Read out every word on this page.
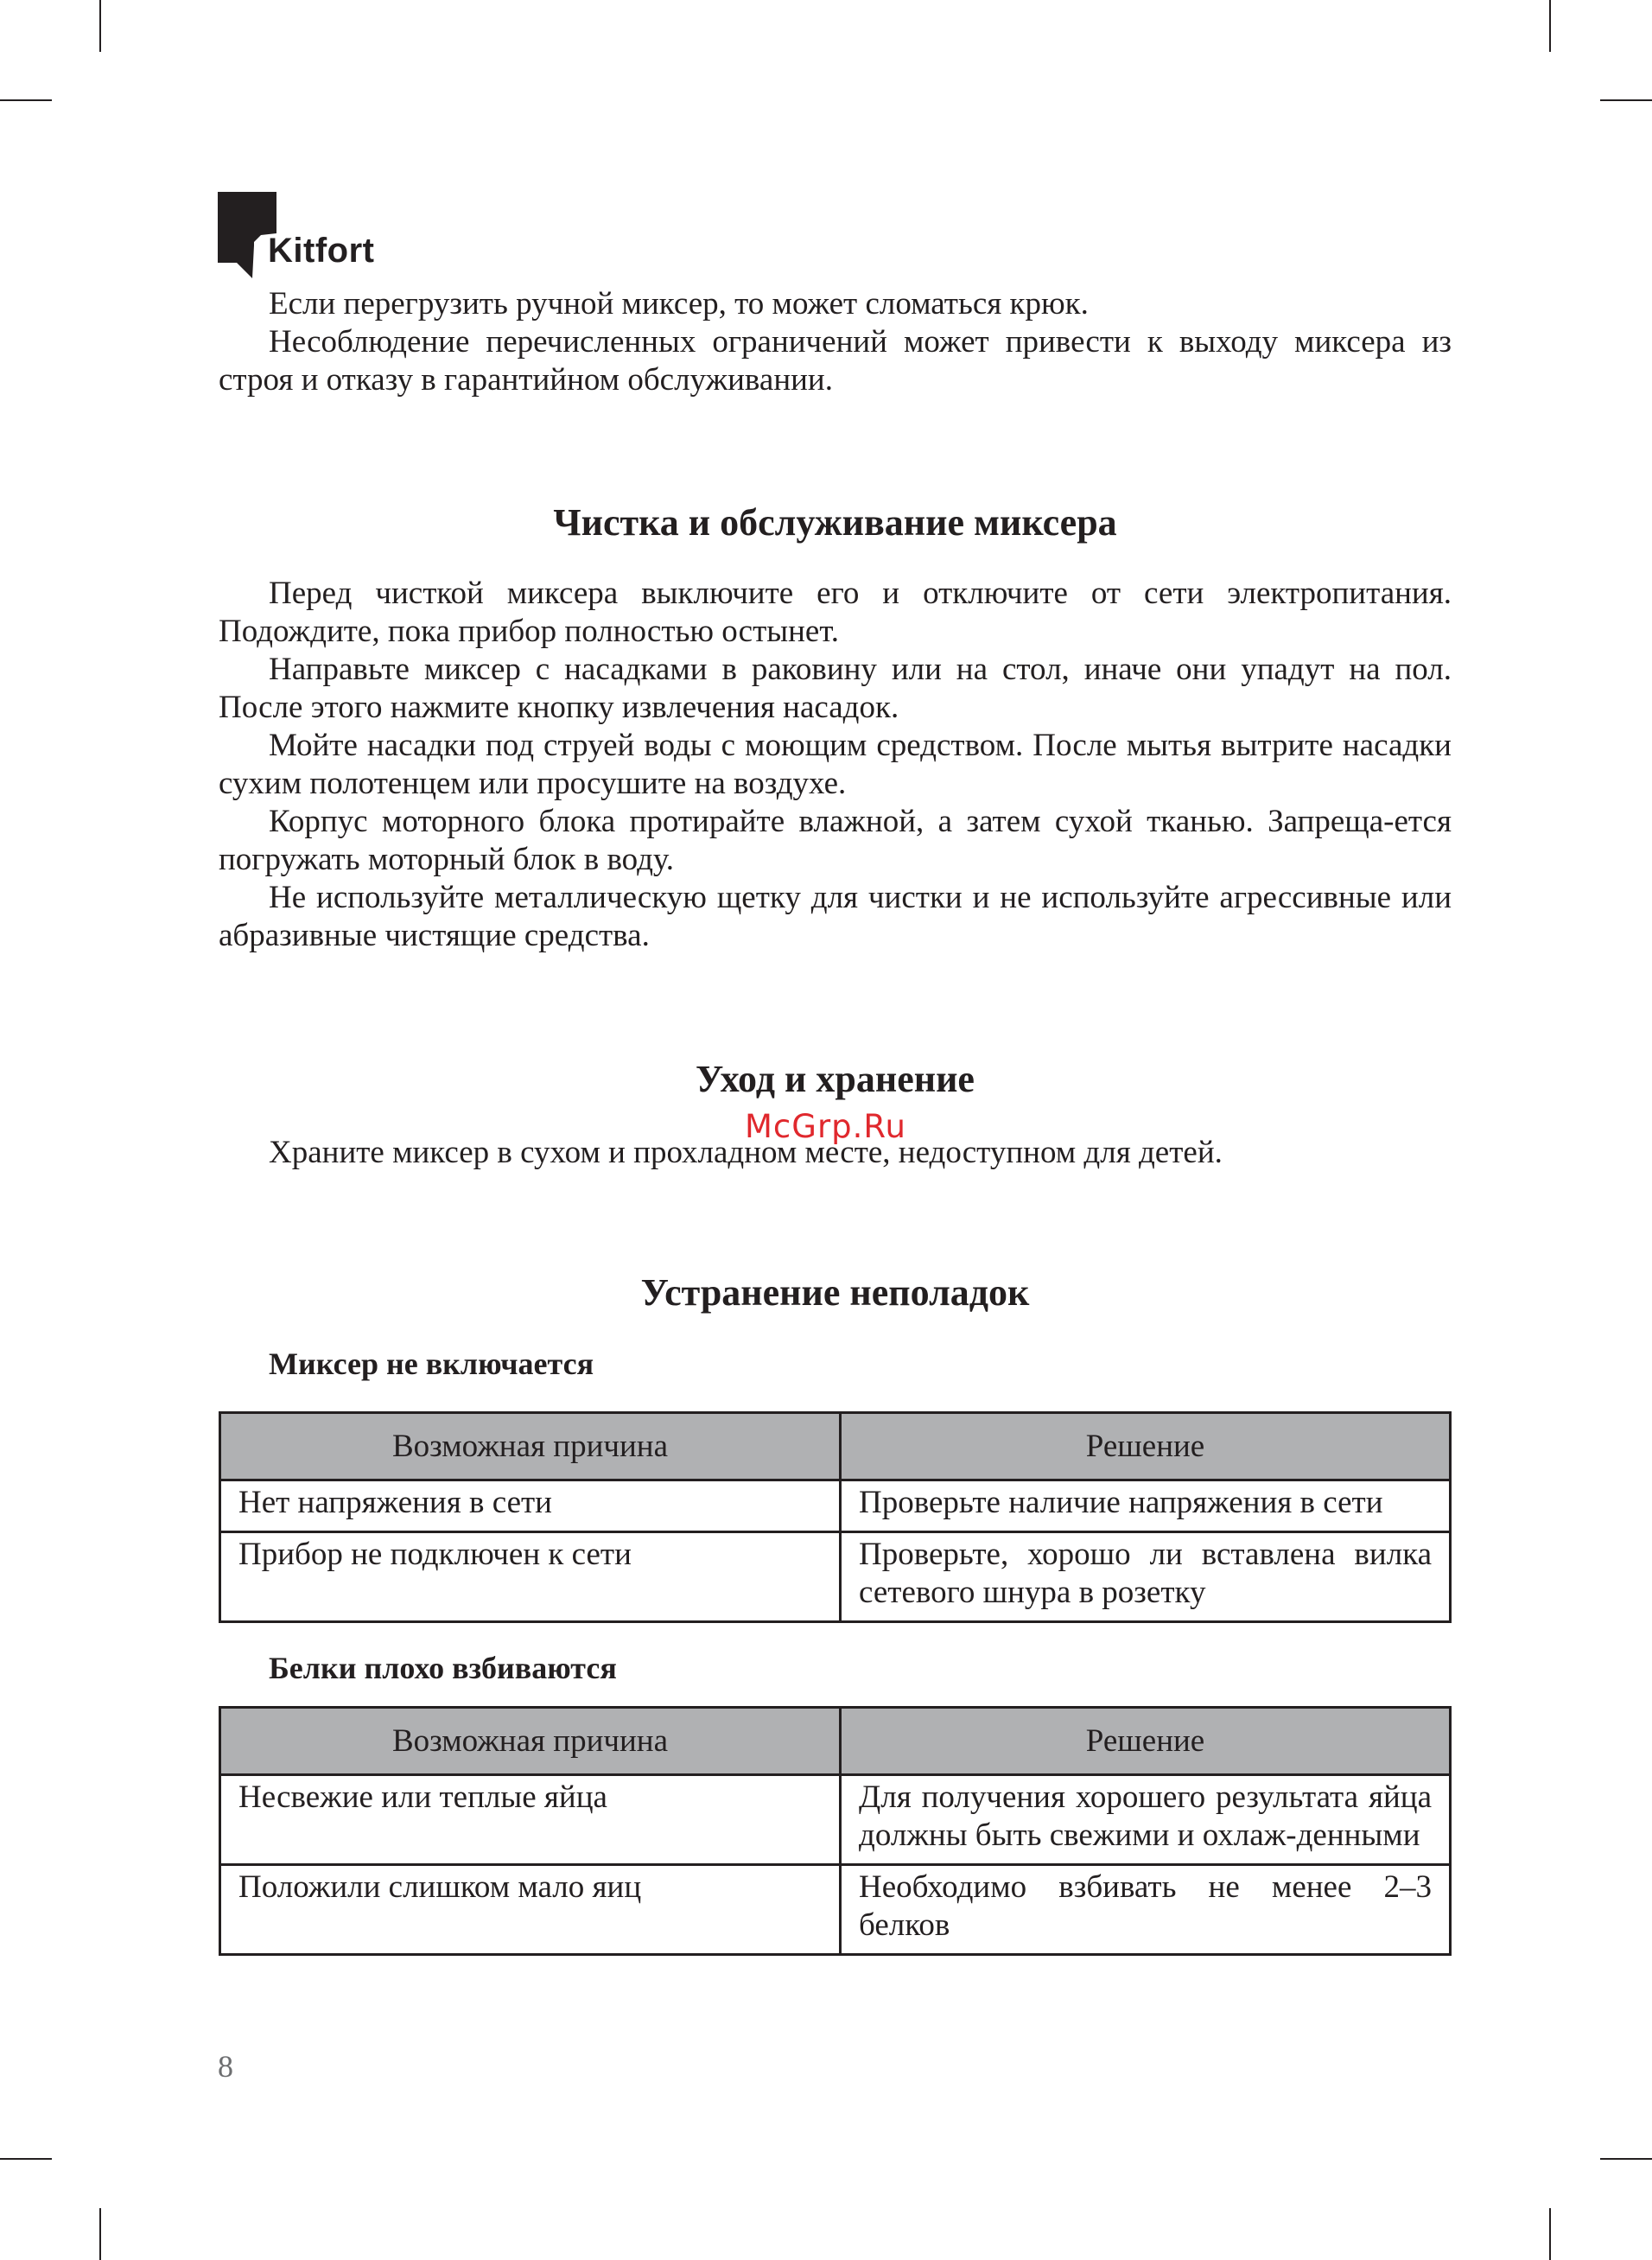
Kitfort

Если перегрузить ручной миксер, то может сломаться крюк.

Несоблюдение перечисленных ограничений может привести к выходу миксера из строя и отказу в гарантийном обслуживании.

Чистка и обслуживание миксера

Перед чисткой миксера выключите его и отключите от сети электропитания. Подождите, пока прибор полностью остынет.

Направьте миксер с насадками в раковину или на стол, иначе они упадут на пол. После этого нажмите кнопку извлечения насадок.

Мойте насадки под струей воды с моющим средством. После мытья вытрите насадки сухим полотенцем или просушите на воздухе.

Корпус моторного блока протирайте влажной, а затем сухой тканью. Запреща-ется погружать моторный блок в воду.

Не используйте металлическую щетку для чистки и не используйте агрессивные или абразивные чистящие средства.

Уход и хранение

Храните миксер в сухом и прохладном месте, недоступном для детей.

Устранение неполадок
Миксер не включается
Возможная причина	Решение
Нет напряжения в сети	Проверьте наличие напряжения в сети
Прибор не подключен к сети	Проверьте, хорошо ли вставлена вилка сетевого шнура в розетку
Белки плохо взбиваются
Возможная причина	Решение
Несвежие или теплые яйца	Для получения хорошего результата яйца должны быть свежими и охлаж-денными
Положили слишком мало яиц	Необходимо взбивать не менее 2–3 белков
McGrp.Ru
8
